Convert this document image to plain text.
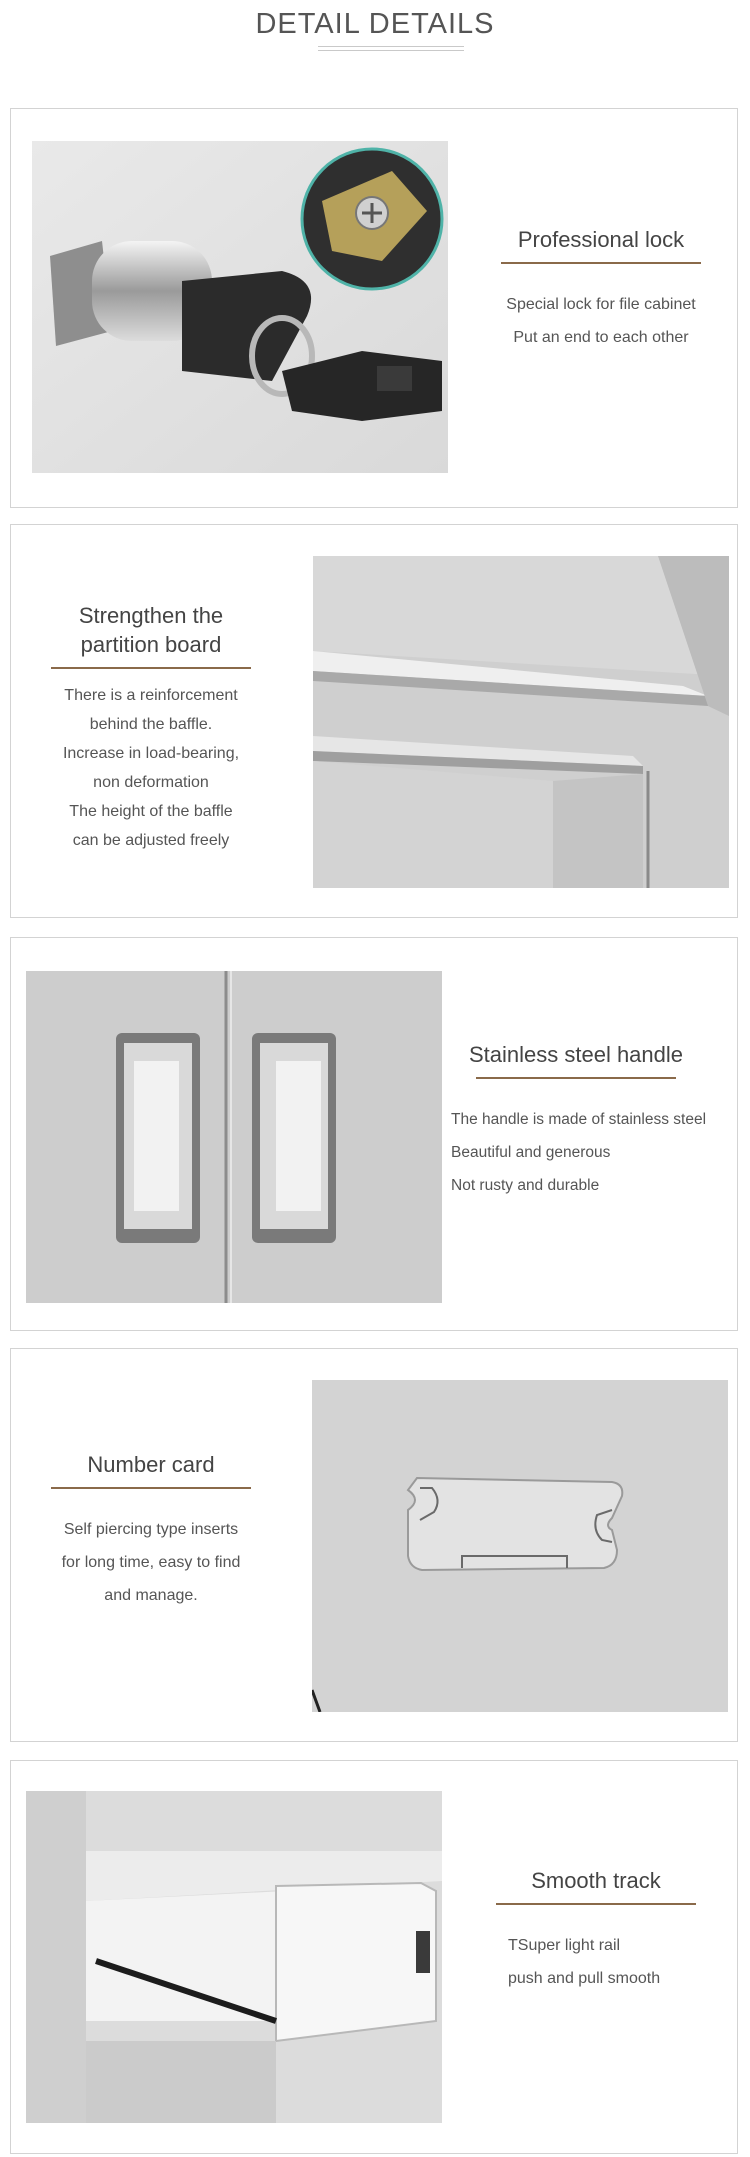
DETAIL DETAILS
Professional lock
Special lock for file cabinet
Put an end to each other
Strengthen the
partition board
There is a reinforcement
behind the baffle.
Increase in load-bearing,
non deformation
The height of the baffle
can be adjusted freely
Stainless steel handle
The handle is made of stainless steel
Beautiful and generous
Not rusty and durable
Number card
Self piercing type inserts
for long time, easy to find
and manage.
Smooth track
TSuper light rail
push and pull smooth
